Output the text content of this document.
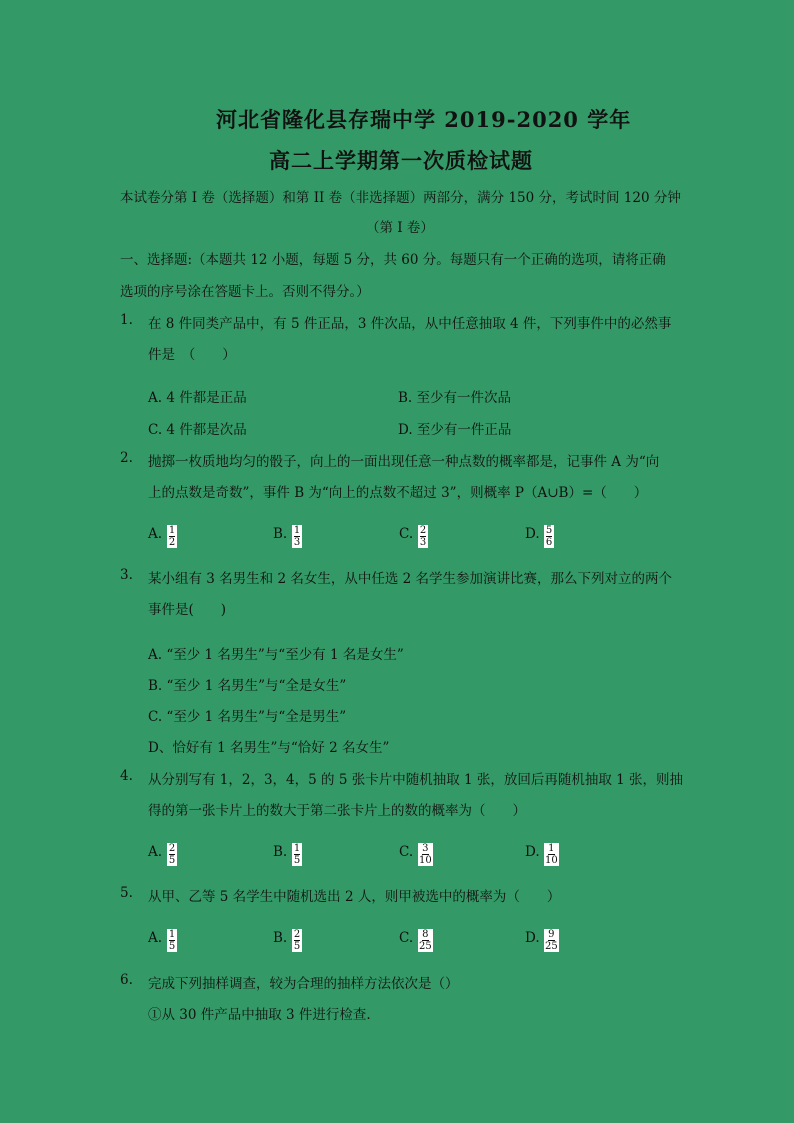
河北省隆化县存瑞中学 2019-2020 学年
高二上学期第一次质检试题
本试卷分第 I 卷（选择题）和第 II 卷（非选择题）两部分，满分 150 分，考试时间 120 分钟
（第 I 卷）
一、选择题:（本题共 12 小题，每题 5 分，共 60 分。每题只有一个正确的选项，请将正确
选项的序号涂在答题卡上。否则不得分。）
1. 在 8 件同类产品中，有 5 件正品，3 件次品，从中任意抽取 4 件，下列事件中的必然事
件是　（　　）
A. 4 件都是正品	B. 至少有一件次品
C. 4 件都是次品	D. 至少有一件正品
2. 抛掷一枚质地均匀的骰子，向上的一面出现任意一种点数的概率都是，记事件 A 为“向
上的点数是奇数”，事件 B 为“向上的点数不超过 3”，则概率 P（A∪B）=（　　）
A. $\frac{1}{2}$	B. $\frac{1}{3}$	C. $\frac{2}{3}$	D. $\frac{5}{6}$
3. 某小组有 3 名男生和 2 名女生，从中任选 2 名学生参加演讲比赛，那么下列对立的两个
事件是(　　)
A. “至少 1 名男生”与“至少有 1 名是女生”
B. “至少 1 名男生”与“全是女生”
C. “至少 1 名男生”与“全是男生”
D、恰好有 1 名男生”与“恰好 2 名女生”
4. 从分别写有 1，2，3，4，5 的 5 张卡片中随机抽取 1 张，放回后再随机抽取 1 张，则抽
得的第一张卡片上的数大于第二张卡片上的数的概率为（　　）
A. $\frac{2}{5}$	B. $\frac{1}{5}$	C. $\frac{3}{10}$	D. $\frac{1}{10}$
5. 从甲、乙等 5 名学生中随机选出 2 人，则甲被选中的概率为（　　）
A. $\frac{1}{5}$	B. $\frac{2}{5}$	C. $\frac{8}{25}$	D. $\frac{9}{25}$
6. 完成下列抽样调查，较为合理的抽样方法依次是（）
①从 30 件产品中抽取 3 件进行检查.
